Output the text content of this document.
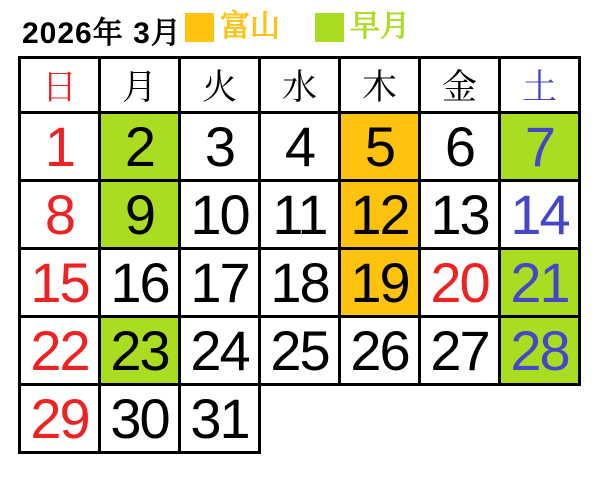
2026年 3月 富山 早月
日	月	火	水	木	金	土
1	2	3	4	5	6	7
8	9	10	11	12	13	14
15	16	17	18	19	20	21
22	23	24	25	26	27	28
29	30	31				
